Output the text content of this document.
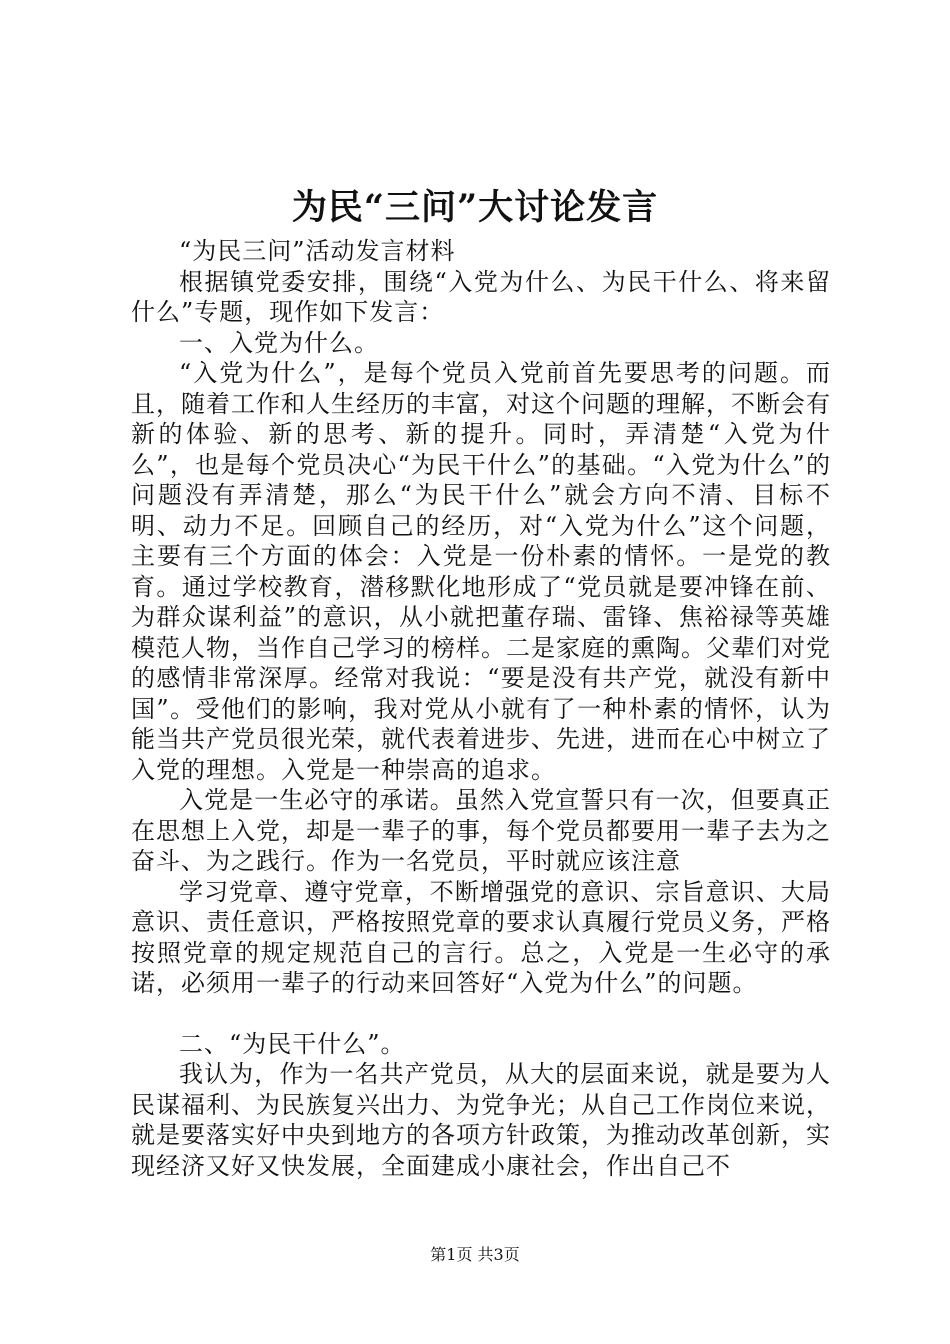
为民“三问”大讨论发言

“为民三问”活动发言材料

根据镇党委安排，围绕“入党为什么、为民干什么、将来留什么”专题，现作如下发言：

一、入党为什么。

“入党为什么”，是每个党员入党前首先要思考的问题。而且，随着工作和人生经历的丰富，对这个问题的理解，不断会有新的体验、新的思考、新的提升。同时，弄清楚“入党为什么”，也是每个党员决心“为民干什么”的基础。“入党为什么”的问题没有弄清楚，那么“为民干什么”就会方向不清、目标不明、动力不足。回顾自己的经历，对“入党为什么”这个问题，主要有三个方面的体会：入党是一份朴素的情怀。一是党的教育。通过学校教育，潜移默化地形成了“党员就是要冲锋在前、为群众谋利益”的意识，从小就把董存瑞、雷锋、焦裕禄等英雄模范人物，当作自己学习的榜样。二是家庭的熏陶。父辈们对党的感情非常深厚。经常对我说：“要是没有共产党，就没有新中国”。受他们的影响，我对党从小就有了一种朴素的情怀，认为能当共产党员很光荣，就代表着进步、先进，进而在心中树立了入党的理想。入党是一种崇高的追求。

入党是一生必守的承诺。虽然入党宣誓只有一次，但要真正在思想上入党，却是一辈子的事，每个党员都要用一辈子去为之奋斗、为之践行。作为一名党员，平时就应该注意

学习党章、遵守党章，不断增强党的意识、宗旨意识、大局意识、责任意识，严格按照党章的要求认真履行党员义务，严格按照党章的规定规范自己的言行。总之，入党是一生必守的承诺，必须用一辈子的行动来回答好“入党为什么”的问题。

二、“为民干什么”。

我认为，作为一名共产党员，从大的层面来说，就是要为人民谋福利、为民族复兴出力、为党争光；从自己工作岗位来说，就是要落实好中央到地方的各项方针政策，为推动改革创新，实现经济又好又快发展，全面建成小康社会，作出自己不

第1页 共3页
